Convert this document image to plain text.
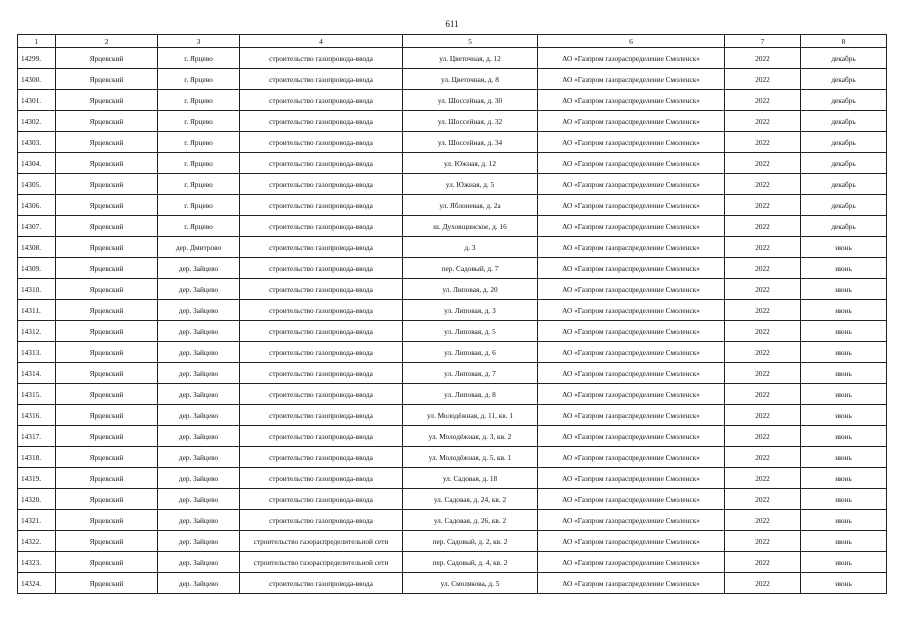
611
1	2	3	4	5	6	7	8
14299.	Ярцевский	г. Ярцево	строительство газопровода-ввода	ул. Цветочная, д. 12	АО «Газпром газораспределение Смоленск»	2022	декабрь
14300.	Ярцевский	г. Ярцево	строительство газопровода-ввода	ул. Цветочная, д. 8	АО «Газпром газораспределение Смоленск»	2022	декабрь
14301.	Ярцевский	г. Ярцево	строительство газопровода-ввода	ул. Шоссейная, д. 30	АО «Газпром газораспределение Смоленск»	2022	декабрь
14302.	Ярцевский	г. Ярцево	строительство газопровода-ввода	ул. Шоссейная, д. 32	АО «Газпром газораспределение Смоленск»	2022	декабрь
14303.	Ярцевский	г. Ярцево	строительство газопровода-ввода	ул. Шоссейная, д. 34	АО «Газпром газораспределение Смоленск»	2022	декабрь
14304.	Ярцевский	г. Ярцево	строительство газопровода-ввода	ул. Южная, д. 12	АО «Газпром газораспределение Смоленск»	2022	декабрь
14305.	Ярцевский	г. Ярцево	строительство газопровода-ввода	ул. Южная, д. 5	АО «Газпром газораспределение Смоленск»	2022	декабрь
14306.	Ярцевский	г. Ярцево	строительство газопровода-ввода	ул. Яблоневая, д. 2а	АО «Газпром газораспределение Смоленск»	2022	декабрь
14307.	Ярцевский	г. Ярцево	строительство газопровода-ввода	ш. Духовщинское, д. 16	АО «Газпром газораспределение Смоленск»	2022	декабрь
14308.	Ярцевский	дер. Дмитрово	строительство газопровода-ввода	д. 3	АО «Газпром газораспределение Смоленск»	2022	июнь
14309.	Ярцевский	дер. Зайцево	строительство газопровода-ввода	пер. Садовый, д. 7	АО «Газпром газораспределение Смоленск»	2022	июнь
14310.	Ярцевский	дер. Зайцево	строительство газопровода-ввода	ул. Липовая, д. 20	АО «Газпром газораспределение Смоленск»	2022	июнь
14311.	Ярцевский	дер. Зайцево	строительство газопровода-ввода	ул. Липовая, д. 3	АО «Газпром газораспределение Смоленск»	2022	июнь
14312.	Ярцевский	дер. Зайцево	строительство газопровода-ввода	ул. Липовая, д. 5	АО «Газпром газораспределение Смоленск»	2022	июнь
14313.	Ярцевский	дер. Зайцево	строительство газопровода-ввода	ул. Липовая, д. 6	АО «Газпром газораспределение Смоленск»	2022	июнь
14314.	Ярцевский	дер. Зайцево	строительство газопровода-ввода	ул. Липовая, д. 7	АО «Газпром газораспределение Смоленск»	2022	июнь
14315.	Ярцевский	дер. Зайцево	строительство газопровода-ввода	ул. Липовая, д. 8	АО «Газпром газораспределение Смоленск»	2022	июнь
14316.	Ярцевский	дер. Зайцево	строительство газопровода-ввода	ул. Молодёжная, д. 11, кв. 1	АО «Газпром газораспределение Смоленск»	2022	июнь
14317.	Ярцевский	дер. Зайцево	строительство газопровода-ввода	ул. Молодёжная, д. 3, кв. 2	АО «Газпром газораспределение Смоленск»	2022	июнь
14318.	Ярцевский	дер. Зайцево	строительство газопровода-ввода	ул. Молодёжная, д. 5, кв. 1	АО «Газпром газораспределение Смоленск»	2022	июнь
14319.	Ярцевский	дер. Зайцево	строительство газопровода-ввода	ул. Садовая, д. 18	АО «Газпром газораспределение Смоленск»	2022	июнь
14320.	Ярцевский	дер. Зайцево	строительство газопровода-ввода	ул. Садовая, д. 24, кв. 2	АО «Газпром газораспределение Смоленск»	2022	июнь
14321.	Ярцевский	дер. Зайцево	строительство газопровода-ввода	ул. Садовая, д. 26, кв. 2	АО «Газпром газораспределение Смоленск»	2022	июнь
14322.	Ярцевский	дер. Зайцево	строительство газораспределительной сети	пер. Садовый, д. 2, кв. 2	АО «Газпром газораспределение Смоленск»	2022	июнь
14323.	Ярцевский	дер. Зайцево	строительство газораспределительной сети	пер. Садовый, д. 4, кв. 2	АО «Газпром газораспределение Смоленск»	2022	июнь
14324.	Ярцевский	дер. Зайцево	строительство газопровода-ввода	ул. Смолякова, д. 5	АО «Газпром газораспределение Смоленск»	2022	июнь
